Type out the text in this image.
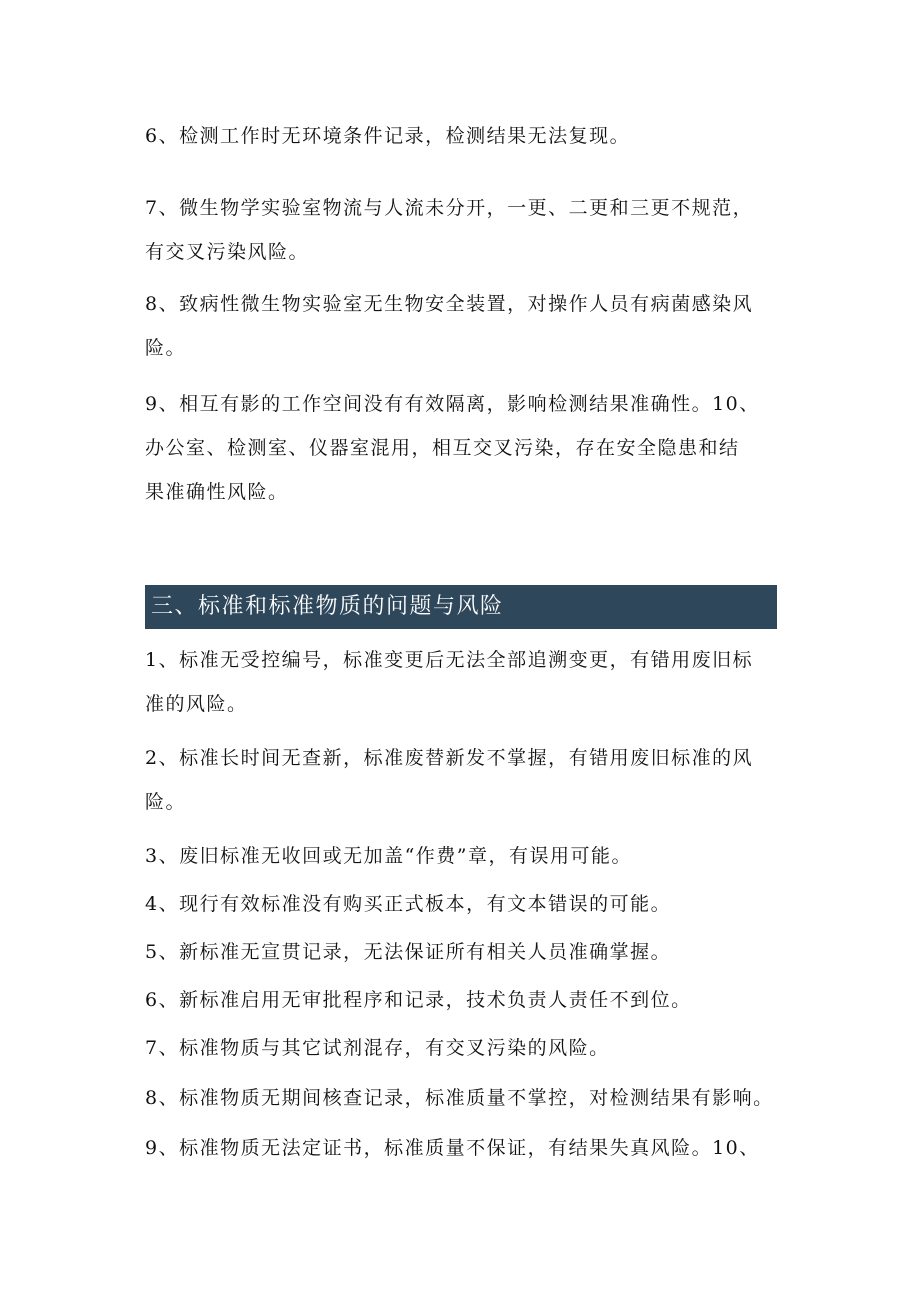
6、检测工作时无环境条件记录，检测结果无法复现。

7、微生物学实验室物流与人流未分开，一更、二更和三更不规范，
有交叉污染风险。

8、致病性微生物实验室无生物安全装置，对操作人员有病菌感染风
险。

9、相互有影的工作空间没有有效隔离，影响检测结果准确性。10、
办公室、检测室、仪器室混用，相互交叉污染，存在安全隐患和结
果准确性风险。

三、标准和标准物质的问题与风险

1、标准无受控编号，标准变更后无法全部追溯变更，有错用废旧标
准的风险。

2、标准长时间无查新，标准废替新发不掌握，有错用废旧标准的风
险。

3、废旧标准无收回或无加盖“作费”章，有误用可能。

4、现行有效标准没有购买正式板本，有文本错误的可能。

5、新标准无宣贯记录，无法保证所有相关人员准确掌握。

6、新标准启用无审批程序和记录，技术负责人责任不到位。

7、标准物质与其它试剂混存，有交叉污染的风险。

8、标准物质无期间核查记录，标准质量不掌控，对检测结果有影响。

9、标准物质无法定证书，标准质量不保证，有结果失真风险。10、
